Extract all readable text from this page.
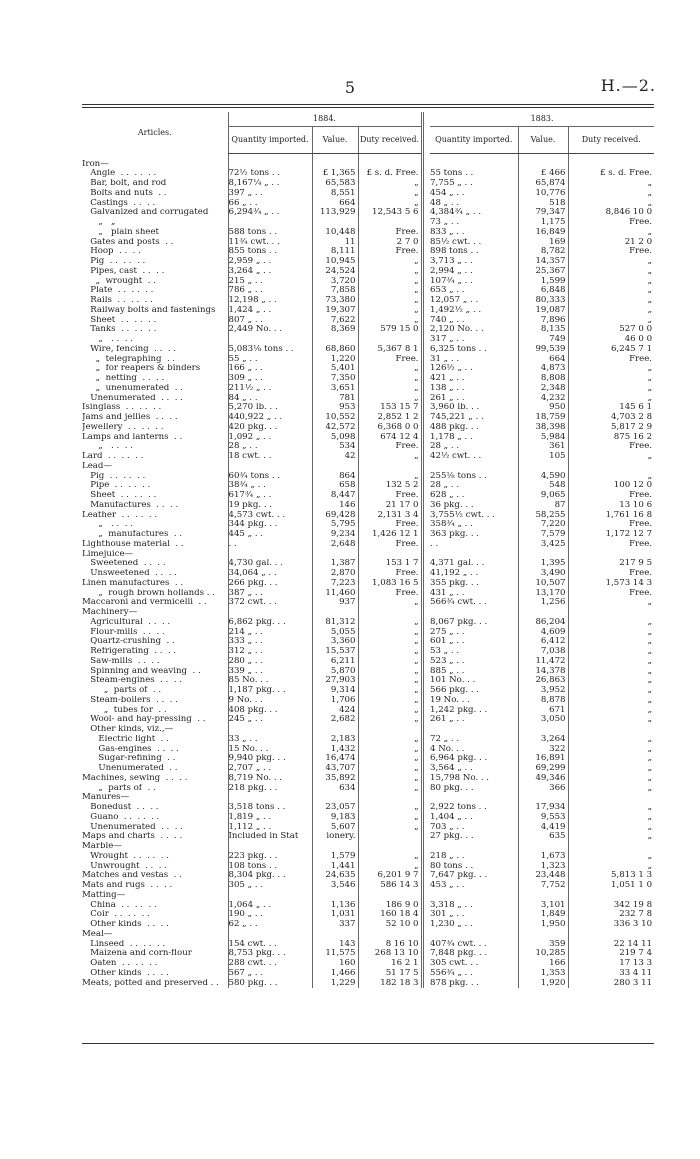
5	H.—2.
Articles.	1884.				1883.		
	Quantity imported.	Value.	Duty received.		Quantity imported.	Value.	Duty received.
Iron—							
Angle  . .  . .  . .	72½ tons . .	£ 1,365	£ s. d. Free.		55 tons . .	£ 466	£ s. d. Free.
Bar, bolt, and rod	8,167¼ „ . .	65,583	„		7,755 „ . .	65,874	„
Bolts and nuts  . .	397 „ . .	8,551	„		454 „ . .	10,776	„
Castings  . .  . .	66 „ . .	664	„		48 „ . .	518	„
Galvanized and corrugated	6,294¾ „ . .	113,929	12,543 5 6		4,384¾ „ . .	79,347	8,846 10 0
„   „					73 „ . .	1,175	Free.
„   plain sheet	588 tons . .	10,448	Free.		833 „ . .	16,849	„
Gates and posts  . .	11¾ cwt. . .	11	2 7 0		85½ cwt. . .	169	21 2 0
Hoop  . .  . .	855 tons . .	8,111	Free.		898 tons . .	8,782	Free.
Pig  . .  . .  . .	2,959 „ . .	10,945	„		3,713 „ . .	14,357	„
Pipes, cast  . .  . .	3,264 „ . .	24,524	„		2,994 „ . .	25,367	„
„  wrought  . .	215 „ . .	3,720	„		107¾ „ . .	1,599	„
Plate  . .  . .  . .	786 „ . .	7,858	„		653 „ . .	6,848	„
Rails  . .  . .  . .	12,198 „ . .	73,380	„		12,057 „ . .	80,333	„
Railway bolts and fastenings	1,424 „ . .	19,307	„		1,492½ „ . .	19,087	„
Sheet  . .  . .  . .	807 „ . .	7,622	„		740 „ . .	7,896	„
Tanks  . .  . .  . .	2,449 No. . .	8,369	579 15 0		2,120 No. . .	8,135	527 0 0
„   . .  . .					317 „ . .	749	46 0 0
Wire, fencing  . .  . .	5,083⅛ tons . .	68,860	5,367 8 1		6,325 tons . .	99,539	6,245 7 1
„  telegraphing  . .	55 „ . .	1,220	Free.		31 „ . .	664	Free.
„  for reapers & binders	166 „ . .	5,401	„		126½ „ . .	4,873	„
„  netting  . .  . .	309 „ . .	7,350	„		421 „ . .	8,808	„
„  unenumerated  . .	211½ „ . .	3,651	„		138 „ . .	2,348	„
Unenumerated  . .  . .	84 „ . .	781	„		261 „ . .	4,232	„
Isinglass  . .  . .  . .	5,270 lb. . .	953	153 15 7		3,960 lb. . .	950	145 6 1
Jams and jellies  . .  . .	440,922 „ . .	10,552	2,852 1 2		745,221 „ . .	18,759	4,703 2 8
Jewellery  . .  . .  . .	420 pkg. . .	42,572	6,368 0 0		488 pkg. . .	38,398	5,817 2 9
Lamps and lanterns  . .	1,092 „ . .	5,098	674 12 4		1,178 „ . .	5,984	875 16 2
„   . .  . .	28 „ . .	534	Free.		28 „ . .	361	Free.
Lard  . .  . .  . .	18 cwt. . .	42	„		42½ cwt. . .	105	„
Lead—							
Pig  . .  . .  . .	60¾ tons . .	864	„		255⅛ tons . .	4,590	„
Pipe  . .  . .  . .	38¾ „ . .	658	132 5 2		28 „ . .	548	100 12 0
Sheet  . .  . .  . .	617¾ „ . .	8,447	Free.		628 „ . .	9,065	Free.
Manufactures  . .  . .	19 pkg. . .	146	21 17 0		36 pkg. . .	87	13 10 6
Leather  . .  . .  . .	4,573 cwt. . .	69,428	2,131 3 4		3,755½ cwt. . .	58,255	1,761 16 8
„   . .  . .	344 pkg. . .	5,795	Free.		358¾ „ . .	7,220	Free.
„  manufactures  . .	445 „ . .	9,234	1,426 12 1		363 pkg. . .	7,579	1,172 12 7
Lighthouse material  . .	. .	2,648	Free.		. .	3,425	Free.
Limejuice—							
Sweetened  . .  . .	4,730 gal. . .	1,387	153 1 7		4,371 gal. . .	1,395	217 9 5
Unsweetened  . .  . .	34,064 „ . .	2,870	Free.		41,192 „ . .	3,490	Free.
Linen manufactures  . .	266 pkg. . .	7,223	1,083 16 5		355 pkg. . .	10,507	1,573 14 3
„  rough brown hollands . .	387 „ . .	11,460	Free.		431 „ . .	13,170	Free.
Maccaroni and vermicelli  . .	372 cwt. . .	937	„		566¾ cwt. . .	1,256	„
Machinery—							
Agricultural  . .  . .	6,862 pkg. . .	81,312	„		8,067 pkg. . .	86,204	„
Flour-mills  . .  . .	214 „ . .	5,055	„		275 „ . .	4,609	„
Quartz-crushing  . .	333 „ . .	3,360	„		601 „ . .	6,412	„
Refrigerating  . .  . .	312 „ . .	15,537	„		53 „ . .	7,038	„
Saw-mills  . .  . .	280 „ . .	6,211	„		523 „ . .	11,472	„
Spinning and weaving  . .	339 „ . .	5,870	„		885 „ . .	14,378	„
Steam-engines  . .  . .	85 No. . .	27,903	„		101 No. . .	26,863	„
„  parts of  . .	1,187 pkg. . .	9,314	„		566 pkg. . .	3,952	„
Steam-boilers  . .  . .	9 No. . .	1,706	„		19 No. . .	8,878	„
„  tubes for  . .	408 pkg. . .	424	„		1,242 pkg. . .	671	„
Wool- and hay-pressing  . .	245 „ . .	2,682	„		261 „ . .	3,050	„
Other kinds, viz.,—							
Electric light  . .	33 „ . .	2,183	„		72 „ . .	3,264	„
Gas-engines  . .  . .	15 No. . .	1,432	„		4 No. . .	322	„
Sugar-refining  . .	9,940 pkg. . .	16,474	„		6,964 pkg. . .	16,891	„
Unenumerated  . .	2,707 „ . .	43,707	„		3,564 „ . .	69,299	„
Machines, sewing  . .  . .	8,719 No. . .	35,892	„		15,798 No. . .	49,346	„
„  parts of  . .	218 pkg. . .	634	„		80 pkg. . .	366	„
Manures—							
Bonedust  . .  . .	3,518 tons . .	23,057	„		2,922 tons . .	17,934	„
Guano  . .  . .  . .	1,819 „ . .	9,183	„		1,404 „ . .	9,553	„
Unenumerated  . .  . .	1,112 „ . .	5,607	„		703 „ . .	4,419	„
Maps and charts  . .  . .	Included in Stat	ionery.			27 pkg. . .	635	„
Marble—							
Wrought  . .  . .  . .	223 pkg. . .	1,579	„		218 „ . .	1,673	„
Unwrought  . .  . .	108 tons . .	1,441	„		80 tons . .	1,323	„
Matches and vestas  . .	8,304 pkg. . .	24,635	6,201 9 7		7,647 pkg. . .	23,448	5,813 1 3
Mats and rugs  . .  . .	305 „ . .	3,546	586 14 3		453 „ . .	7,752	1,051 1 0
Matting—							
China  . .  . .  . .	1,064 „ . .	1,136	186 9 0		3,318 „ . .	3,101	342 19 8
Coir  . .  . .  . .	190 „ . .	1,031	160 18 4		301 „ . .	1,849	232 7 8
Other kinds  . .  . .	62 „ . .	337	52 10 0		1,230 „ . .	1,950	336 3 10
Meal—							
Linseed  . .  . .  . .	154 cwt. . .	143	8 16 10		407¾ cwt. . .	359	22 14 11
Maizena and corn-flour	8,753 pkg. . .	11,575	268 13 10		7,848 pkg. . .	10,285	219 7 4
Oaten  . .  . .  . .	288 cwt. . .	160	16 2 1		305 cwt. . .	166	17 13 3
Other kinds  . .  . .	567 „ . .	1,466	51 17 5		556¾ „ . .	1,353	33 4 11
Meats, potted and preserved . .	580 pkg. . .	1,229	182 18 3		878 pkg. . .	1,920	280 3 11
